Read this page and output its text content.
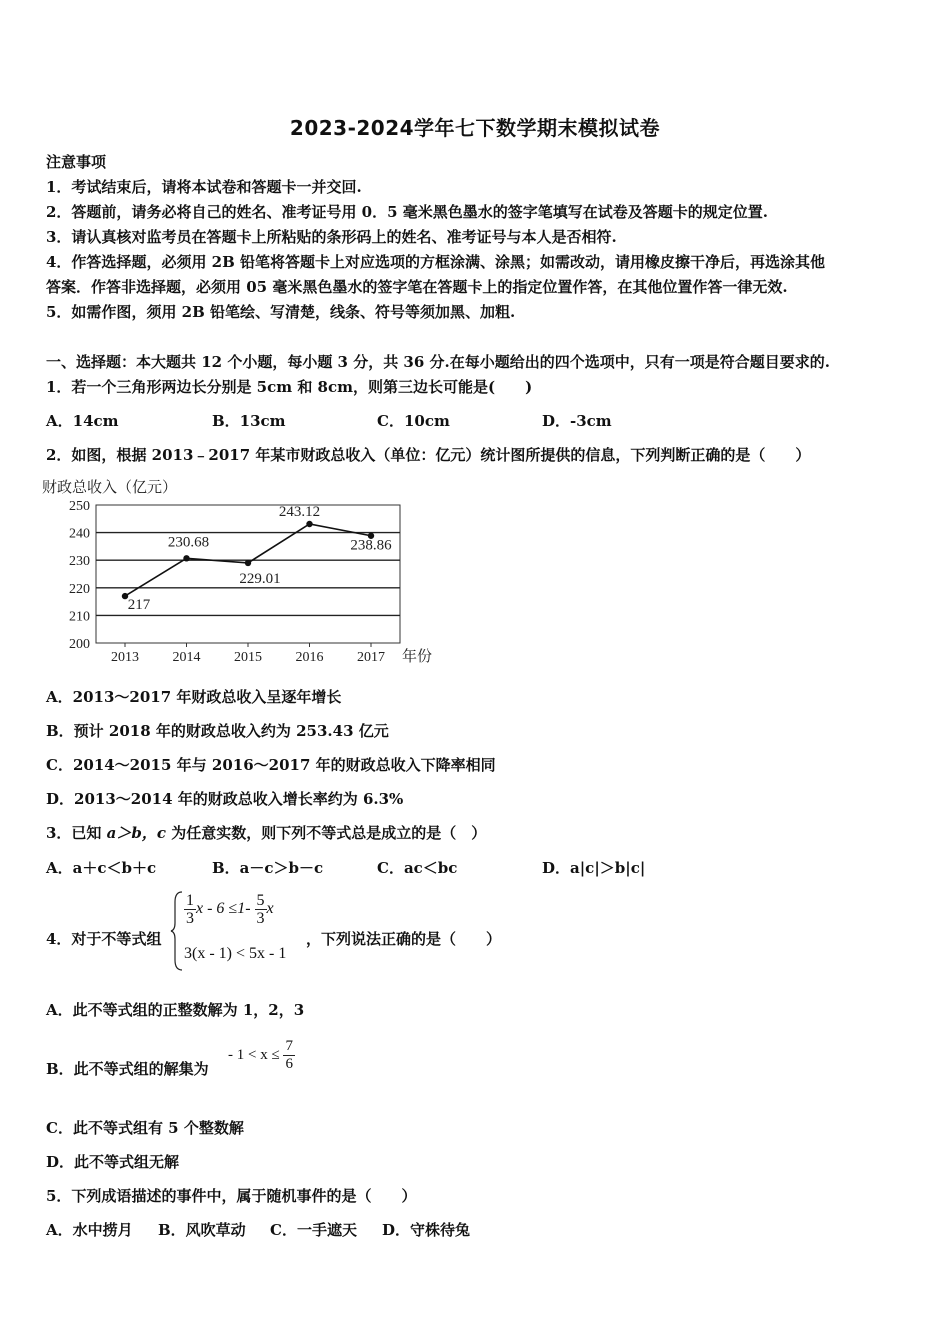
2023-2024学年七下数学期末模拟试卷
注意事项
1．考试结束后，请将本试卷和答题卡一并交回.
2．答题前，请务必将自己的姓名、准考证号用 0．5 毫米黑色墨水的签字笔填写在试卷及答题卡的规定位置.
3．请认真核对监考员在答题卡上所粘贴的条形码上的姓名、准考证号与本人是否相符.
4．作答选择题，必须用 2B 铅笔将答题卡上对应选项的方框涂满、涂黑；如需改动，请用橡皮擦干净后，再选涂其他
答案．作答非选择题，必须用 05 毫米黑色墨水的签字笔在答题卡上的指定位置作答，在其他位置作答一律无效.
5．如需作图，须用 2B 铅笔绘、写清楚，线条、符号等须加黑、加粗.
一、选择题：本大题共 12 个小题，每小题 3 分，共 36 分.在每小题给出的四个选项中，只有一项是符合题目要求的.
1．若一个三角形两边长分别是 5cm 和 8cm，则第三边长可能是(　　)
A．14cm	B．13cm	C．10cm	D．-3cm
2．如图，根据 2013﹣2017 年某市财政总收入（单位：亿元）统计图所提供的信息，下列判断正确的是（　　）
财政总收入（亿元）
200
210
220
230
240
250
2013 2014 2015 2016 2017
217
230.68
229.01
243.12
238.86
年份
A．2013～2017 年财政总收入呈逐年增长
B．预计 2018 年的财政总收入约为 253.43 亿元
C．2014～2015 年与 2016～2017 年的财政总收入下降率相同
D．2013～2014 年的财政总收入增长率约为 6.3%
3．已知 a＞b，c 为任意实数，则下列不等式总是成立的是（　）
A．a＋c＜b＋c	B．a－c＞b－c	C．ac＜bc	D．a|c|＞b|c|
4．对于不等式组
$\frac{1}{3}$ $x - 6 \le 1- \frac{5}{3}$ x
3(x - 1) < 5x - 1
，下列说法正确的是（　　）
A．此不等式组的正整数解为 1，2，3
B．此不等式组的解集为
- $1 < x \le \frac{7}{6}$
C．此不等式组有 5 个整数解
D．此不等式组无解
5．下列成语描述的事件中，属于随机事件的是（　　）
A．水中捞月 B．风吹草动 C．一手遮天 D．守株待兔
